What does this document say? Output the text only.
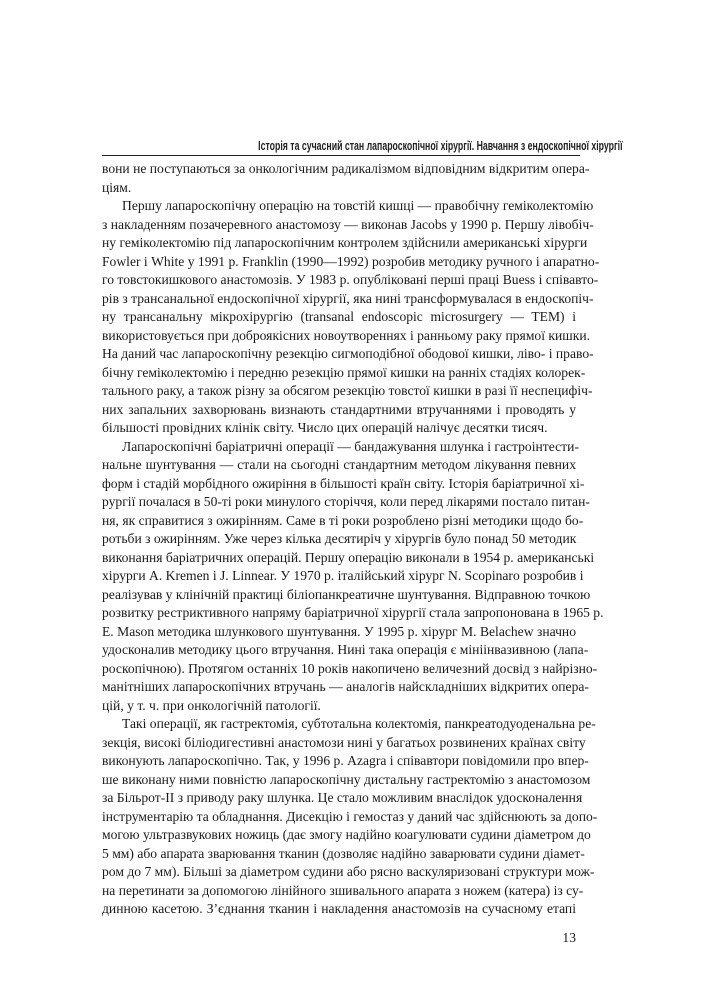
Історія та сучасний стан лапароскопічної хірургії. Навчання з ендоскопічної хірургії
вони не поступаються за онкологічним радикалізмом відповідним відкритим опера-
ціям.
Першу лапароскопічну операцію на товстій кишці — правобічну геміколектомію
з накладенням позачеревного анастомозу — виконав Jacobs у 1990 р. Першу лівобіч-
ну геміколектомію під лапароскопічним контролем здійснили американські хірурги
Fowler і White у 1991 р. Franklin (1990—1992) розробив методику ручного і апаратно-
го товстокишкового анастомозів. У 1983 р. опубліковані перші праці Buess і співавто-
рів з трансанальної ендоскопічної хірургії, яка нині трансформувалася в ендоскопіч-
ну трансанальну мікрохірургію (transanal endoscopic microsurgery — TEM) і
використовується при доброякісних новоутвореннях і ранньому раку прямої кишки.
На даний час лапароскопічну резекцію сигмоподібної ободової кишки, ліво- і право-
бічну геміколектомію і передню резекцію прямої кишки на ранніх стадіях колорек-
тального раку, а також різну за обсягом резекцію товстої кишки в разі її неспецифіч-
них запальних захворювань визнають стандартними втручаннями і проводять у
більшості провідних клінік світу. Число цих операцій налічує десятки тисяч.
Лапароскопічні баріатричні операції — бандажування шлунка і гастроінтести-
нальне шунтування — стали на сьогодні стандартним методом лікування певних
форм і стадій морбідного ожиріння в більшості країн світу. Історія баріатричної хі-
рургії почалася в 50-ті роки минулого сторіччя, коли перед лікарями постало питан-
ня, як справитися з ожирінням. Саме в ті роки розроблено різні методики щодо бо-
ротьби з ожирінням. Уже через кілька десятиріч у хірургів було понад 50 методик
виконання баріатричних операцій. Першу операцію виконали в 1954 р. американські
хірурги A. Kremen і J. Linnear. У 1970 р. італійський хірург N. Scopinaro розробив і
реалізував у клінічній практиці біліопанкреатичне шунтування. Відправною точкою
розвитку рестриктивного напряму баріатричної хірургії стала запропонована в 1965 р.
E. Mason методика шлункового шунтування. У 1995 р. хірург M. Belachew значно
удосконалив методику цього втручання. Нині така операція є мініінвазивною (лапа-
роскопічною). Протягом останніх 10 років накопичено величезний досвід з найрізно-
манітніших лапароскопічних втручань — аналогів найскладніших відкритих опера-
цій, у т. ч. при онкологічній патології.
Такі операції, як гастректомія, субтотальна колектомія, панкреатодуоденальна ре-
зекція, високі біліодигестивні анастомози нині у багатьох розвинених країнах світу
виконують лапароскопічно. Так, у 1996 р. Azagra і співавтори повідомили про впер-
ше виконану ними повністю лапароскопічну дистальну гастректомію з анастомозом
за Більрот-II з приводу раку шлунка. Це стало можливим внаслідок удосконалення
інструментарію та обладнання. Дисекцію і гемостаз у даний час здійснюють за допо-
могою ультразвукових ножиць (дає змогу надійно коагулювати судини діаметром до
5 мм) або апарата зварювання тканин (дозволяє надійно заварювати судини діамет-
ром до 7 мм). Більші за діаметром судини або рясно васкуляризовані структури мож-
на перетинати за допомогою лінійного зшивального апарата з ножем (катера) із су-
динною касетою. З’єднання тканин і накладення анастомозів на сучасному етапі
13
